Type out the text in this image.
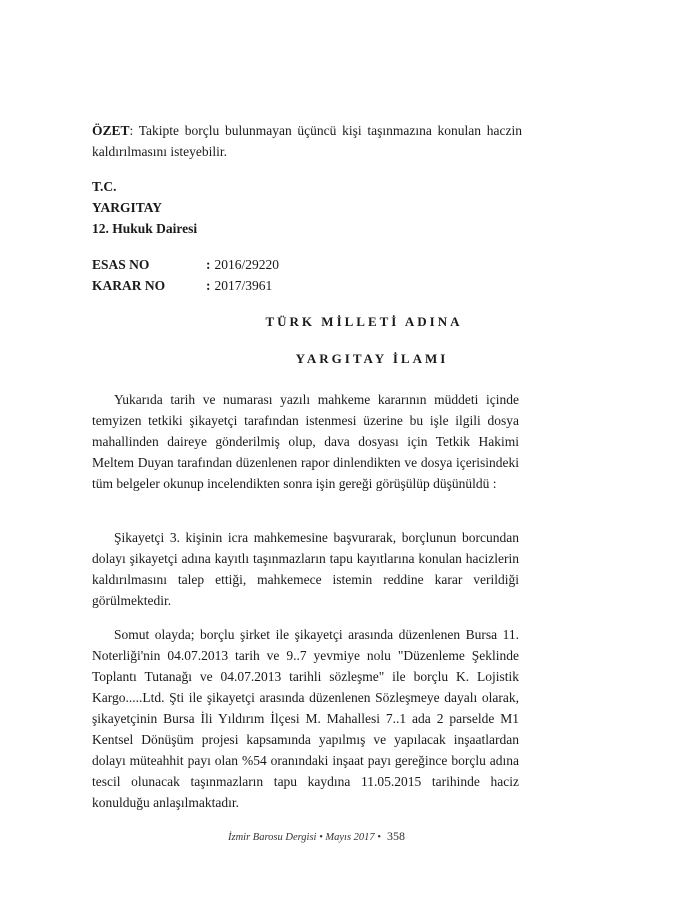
ÖZET: Takipte borçlu bulunmayan üçüncü kişi taşınmazına konulan haczin kaldırılmasını isteyebilir.
T.C.
YARGITAY
12. Hukuk Dairesi
ESAS NO	: 2016/29220
KARAR NO	: 2017/3961
TÜRK MİLLETİ ADINA
YARGITAY İLAMI

Yukarıda tarih ve numarası yazılı mahkeme kararının müddeti içinde temyizen tetkiki şikayetçi tarafından istenmesi üzerine bu işle ilgili dosya mahallinden daireye gönderilmiş olup, dava dosyası için Tetkik Hakimi Meltem Duyan tarafından düzenlenen rapor dinlendikten ve dosya içerisindeki tüm belgeler okunup incelendikten sonra işin gereği görüşülüp düşünüldü :

Şikayetçi 3. kişinin icra mahkemesine başvurarak, borçlunun borcundan dolayı şikayetçi adına kayıtlı taşınmazların tapu kayıtlarına konulan hacizlerin kaldırılmasını talep ettiği, mahkemece istemin reddine karar verildiği görülmektedir.

Somut olayda; borçlu şirket ile şikayetçi arasında düzenlenen Bursa 11. Noterliği'nin 04.07.2013 tarih ve 9..7 yevmiye nolu "Düzenleme Şeklinde Toplantı Tutanağı ve 04.07.2013 tarihli sözleşme" ile borçlu K. Lojistik Kargo.....Ltd. Şti ile şikayetçi arasında düzenlenen Sözleşmeye dayalı olarak, şikayetçinin Bursa İli Yıldırım İlçesi M. Mahallesi 7..1 ada 2 parselde M1 Kentsel Dönüşüm projesi kapsamında yapılmış ve yapılacak inşaatlardan dolayı müteahhit payı olan %54 oranındaki inşaat payı gereğince borçlu adına tescil olunacak taşınmazların tapu kaydına 11.05.2015 tarihinde haciz konulduğu anlaşılmaktadır.

İzmir Barosu Dergisi • Mayıs 2017 • 358
